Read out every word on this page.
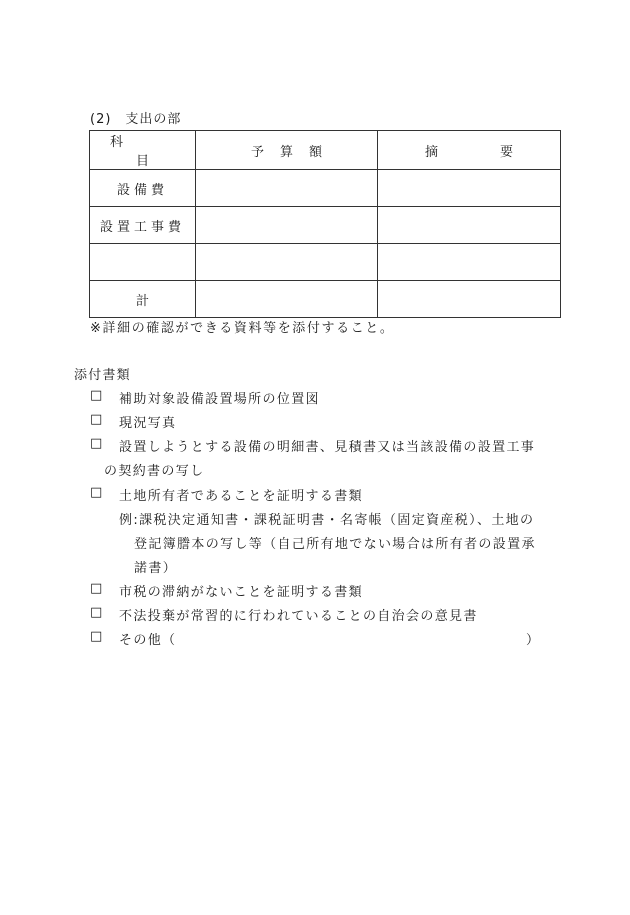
(2)　支出の部
科目	予算額	摘要
設備費		
設置工事費		

計		
※詳細の確認ができる資料等を添付すること。
添付書類
□ 補助対象設備設置場所の位置図
□ 現況写真
□ 設置しようとする設備の明細書、見積書又は当該設備の設置工事
の契約書の写し
□ 土地所有者であることを証明する書類
例:課税決定通知書・課税証明書・名寄帳（固定資産税）、土地の
登記簿謄本の写し等（自己所有地でない場合は所有者の設置承
諾書）
□ 市税の滞納がないことを証明する書類
□ 不法投棄が常習的に行われていることの自治会の意見書
□ その他（	）
